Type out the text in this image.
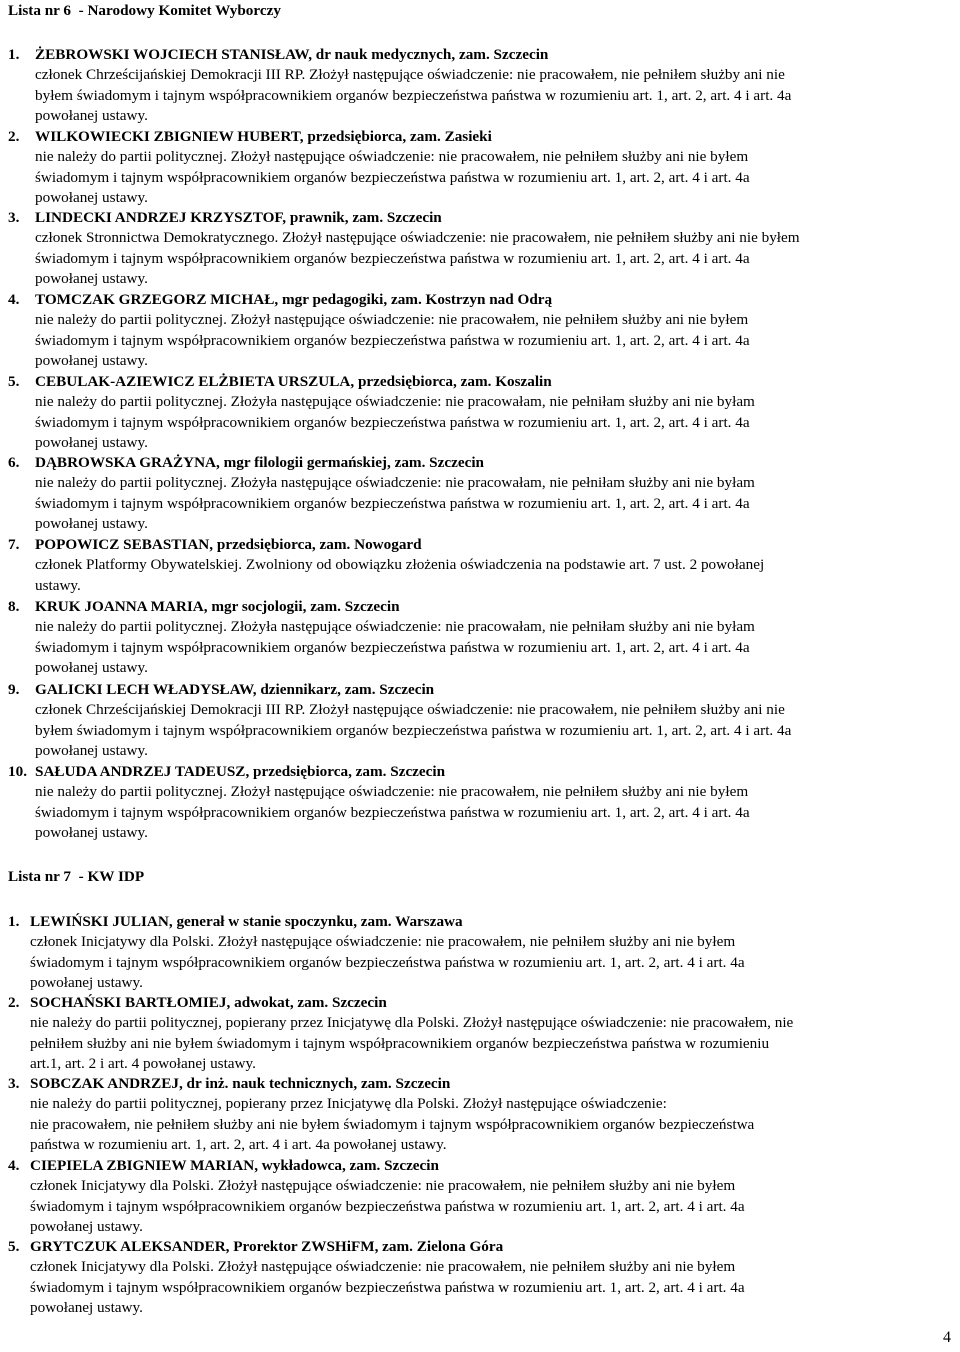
Lista nr 6  - Narodowy Komitet Wyborczy
1. ŻEBROWSKI WOJCIECH STANISŁAW, dr nauk medycznych, zam. Szczecin
członek Chrześcijańskiej Demokracji III RP. Złożył następujące oświadczenie: nie pracowałem, nie pełniłem służby ani nie
byłem świadomym i tajnym współpracownikiem organów bezpieczeństwa państwa w rozumieniu art. 1, art. 2, art. 4 i art. 4a
powołanej ustawy.
2. WILKOWIECKI ZBIGNIEW HUBERT, przedsiębiorca, zam. Zasieki
nie należy do partii politycznej. Złożył następujące oświadczenie: nie pracowałem, nie pełniłem służby ani nie byłem
świadomym i tajnym współpracownikiem organów bezpieczeństwa państwa w rozumieniu art. 1, art. 2, art. 4 i art. 4a
powołanej ustawy.
3. LINDECKI ANDRZEJ KRZYSZTOF, prawnik, zam. Szczecin
członek Stronnictwa Demokratycznego. Złożył następujące oświadczenie: nie pracowałem, nie pełniłem służby ani nie byłem
świadomym i tajnym współpracownikiem organów bezpieczeństwa państwa w rozumieniu art. 1, art. 2, art. 4 i art. 4a
powołanej ustawy.
4. TOMCZAK GRZEGORZ MICHAŁ, mgr pedagogiki, zam. Kostrzyn nad Odrą
nie należy do partii politycznej. Złożył następujące oświadczenie: nie pracowałem, nie pełniłem służby ani nie byłem
świadomym i tajnym współpracownikiem organów bezpieczeństwa państwa w rozumieniu art. 1, art. 2, art. 4 i art. 4a
powołanej ustawy.
5. CEBULAK-AZIEWICZ ELŻBIETA URSZULA, przedsiębiorca, zam. Koszalin
nie należy do partii politycznej. Złożyła następujące oświadczenie: nie pracowałam, nie pełniłam służby ani nie byłam
świadomym i tajnym współpracownikiem organów bezpieczeństwa państwa w rozumieniu art. 1, art. 2, art. 4 i art. 4a
powołanej ustawy.
6. DĄBROWSKA GRAŻYNA, mgr filologii germańskiej, zam. Szczecin
nie należy do partii politycznej. Złożyła następujące oświadczenie: nie pracowałam, nie pełniłam służby ani nie byłam
świadomym i tajnym współpracownikiem organów bezpieczeństwa państwa w rozumieniu art. 1, art. 2, art. 4 i art. 4a
powołanej ustawy.
7. POPOWICZ SEBASTIAN, przedsiębiorca, zam. Nowogard
członek Platformy Obywatelskiej. Zwolniony od obowiązku złożenia oświadczenia na podstawie art. 7 ust. 2 powołanej
ustawy.
8. KRUK JOANNA MARIA, mgr socjologii, zam. Szczecin
nie należy do partii politycznej. Złożyła następujące oświadczenie: nie pracowałam, nie pełniłam służby ani nie byłam
świadomym i tajnym współpracownikiem organów bezpieczeństwa państwa w rozumieniu art. 1, art. 2, art. 4 i art. 4a
powołanej ustawy.
9. GALICKI LECH WŁADYSŁAW, dziennikarz, zam. Szczecin
członek Chrześcijańskiej Demokracji III RP. Złożył następujące oświadczenie: nie pracowałem, nie pełniłem służby ani nie
byłem świadomym i tajnym współpracownikiem organów bezpieczeństwa państwa w rozumieniu art. 1, art. 2, art. 4 i art. 4a
powołanej ustawy.
10. SAŁUDA ANDRZEJ TADEUSZ, przedsiębiorca, zam. Szczecin
nie należy do partii politycznej. Złożył następujące oświadczenie: nie pracowałem, nie pełniłem służby ani nie byłem
świadomym i tajnym współpracownikiem organów bezpieczeństwa państwa w rozumieniu art. 1, art. 2, art. 4 i art. 4a
powołanej ustawy.
Lista nr 7  - KW IDP
1. LEWIŃSKI JULIAN, generał w stanie spoczynku, zam. Warszawa
członek Inicjatywy dla Polski. Złożył następujące oświadczenie: nie pracowałem, nie pełniłem służby ani nie byłem
świadomym i tajnym współpracownikiem organów bezpieczeństwa państwa w rozumieniu art. 1, art. 2, art. 4 i art. 4a
powołanej ustawy.
2. SOCHAŃSKI BARTŁOMIEJ, adwokat, zam. Szczecin
nie należy do partii politycznej, popierany przez Inicjatywę dla Polski. Złożył następujące oświadczenie: nie pracowałem, nie
pełniłem służby ani nie byłem świadomym i tajnym współpracownikiem organów bezpieczeństwa państwa w rozumieniu
art.1, art. 2 i art. 4 powołanej ustawy.
3. SOBCZAK ANDRZEJ, dr inż. nauk technicznych, zam. Szczecin
nie należy do partii politycznej, popierany przez Inicjatywę dla Polski. Złożył następujące oświadczenie:
nie pracowałem, nie pełniłem służby ani nie byłem świadomym i tajnym współpracownikiem organów bezpieczeństwa
państwa w rozumieniu art. 1, art. 2, art. 4 i art. 4a powołanej ustawy.
4. CIEPIELA ZBIGNIEW MARIAN, wykładowca, zam. Szczecin
członek Inicjatywy dla Polski. Złożył następujące oświadczenie: nie pracowałem, nie pełniłem służby ani nie byłem
świadomym i tajnym współpracownikiem organów bezpieczeństwa państwa w rozumieniu art. 1, art. 2, art. 4 i art. 4a
powołanej ustawy.
5. GRYTCZUK ALEKSANDER, Prorektor ZWSHiFM, zam. Zielona Góra
członek Inicjatywy dla Polski. Złożył następujące oświadczenie: nie pracowałem, nie pełniłem służby ani nie byłem
świadomym i tajnym współpracownikiem organów bezpieczeństwa państwa w rozumieniu art. 1, art. 2, art. 4 i art. 4a
powołanej ustawy.
4
